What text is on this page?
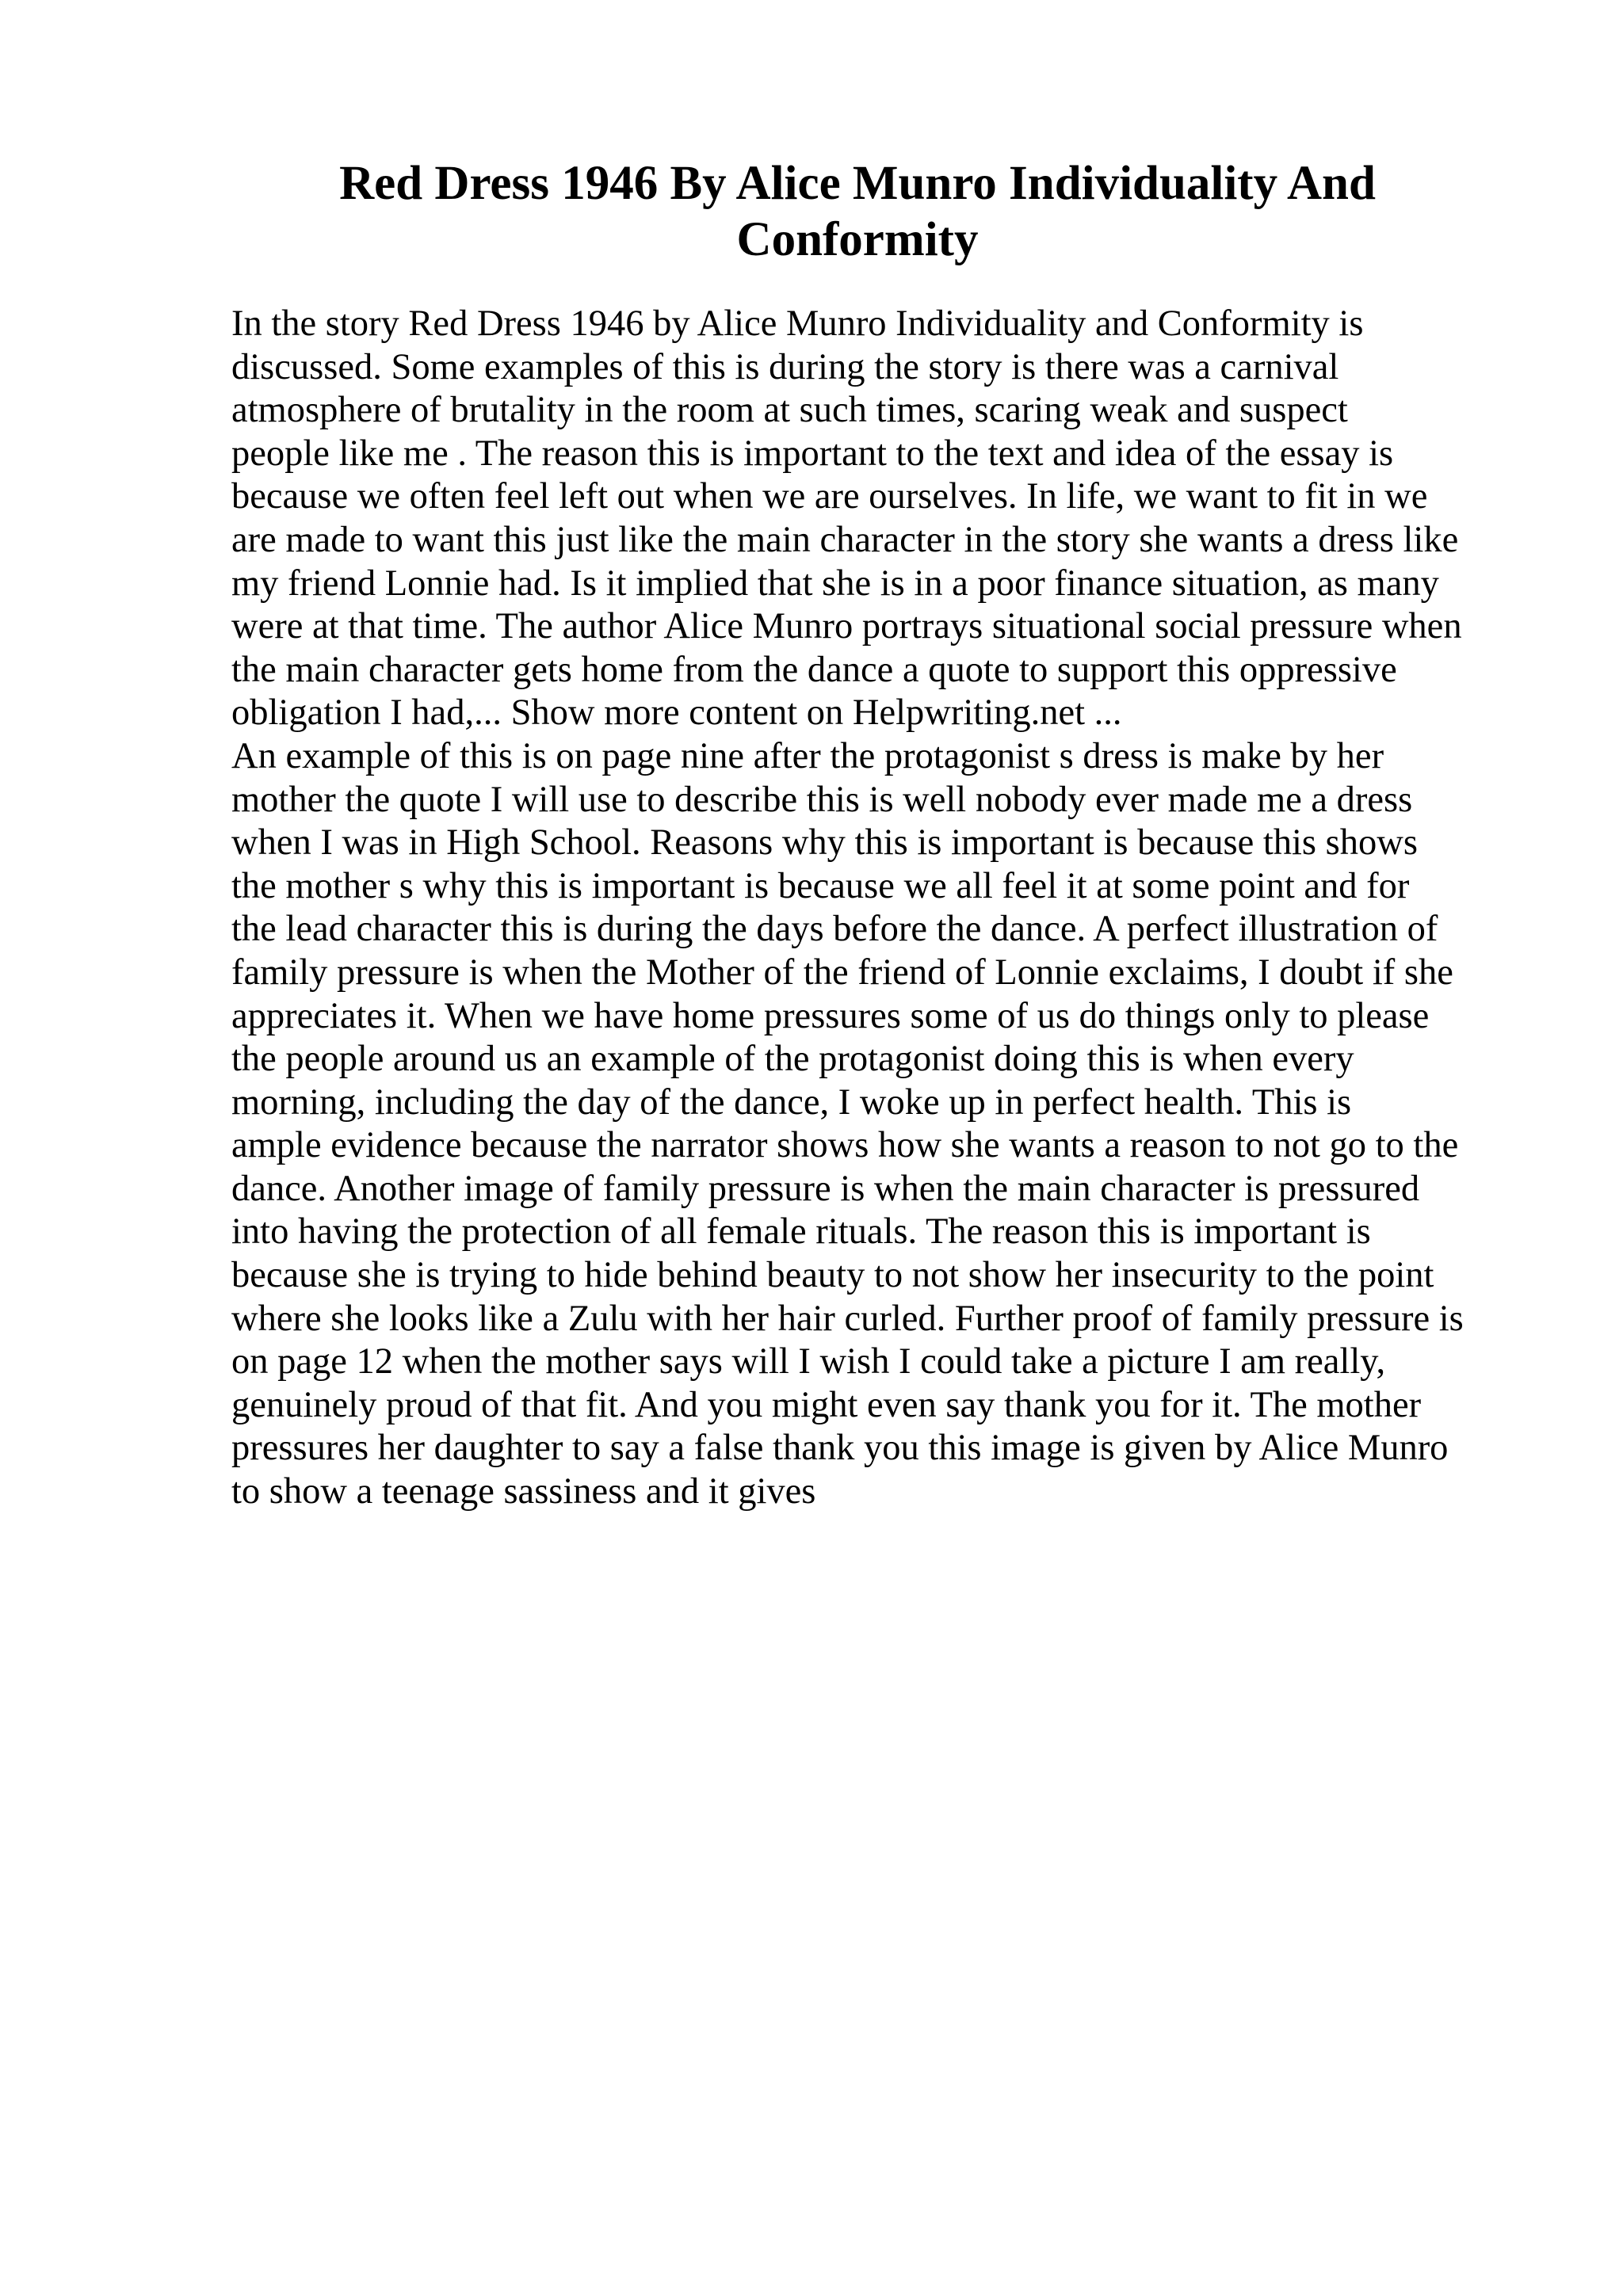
Red Dress 1946 By Alice Munro Individuality And
Conformity
In the story Red Dress 1946 by Alice Munro Individuality and Conformity is
discussed. Some examples of this is during the story is there was a carnival
atmosphere of brutality in the room at such times, scaring weak and suspect
people like me . The reason this is important to the text and idea of the essay is
because we often feel left out when we are ourselves. In life, we want to fit in we
are made to want this just like the main character in the story she wants a dress like
my friend Lonnie had. Is it implied that she is in a poor finance situation, as many
were at that time. The author Alice Munro portrays situational social pressure when
the main character gets home from the dance a quote to support this oppressive
obligation I had,... Show more content on Helpwriting.net ...
An example of this is on page nine after the protagonist s dress is make by her
mother the quote I will use to describe this is well nobody ever made me a dress
when I was in High School. Reasons why this is important is because this shows
the mother s why this is important is because we all feel it at some point and for
the lead character this is during the days before the dance. A perfect illustration of
family pressure is when the Mother of the friend of Lonnie exclaims, I doubt if she
appreciates it. When we have home pressures some of us do things only to please
the people around us an example of the protagonist doing this is when every
morning, including the day of the dance, I woke up in perfect health. This is
ample evidence because the narrator shows how she wants a reason to not go to the
dance. Another image of family pressure is when the main character is pressured
into having the protection of all female rituals. The reason this is important is
because she is trying to hide behind beauty to not show her insecurity to the point
where she looks like a Zulu with her hair curled. Further proof of family pressure is
on page 12 when the mother says will I wish I could take a picture I am really,
genuinely proud of that fit. And you might even say thank you for it. The mother
pressures her daughter to say a false thank you this image is given by Alice Munro
to show a teenage sassiness and it gives
